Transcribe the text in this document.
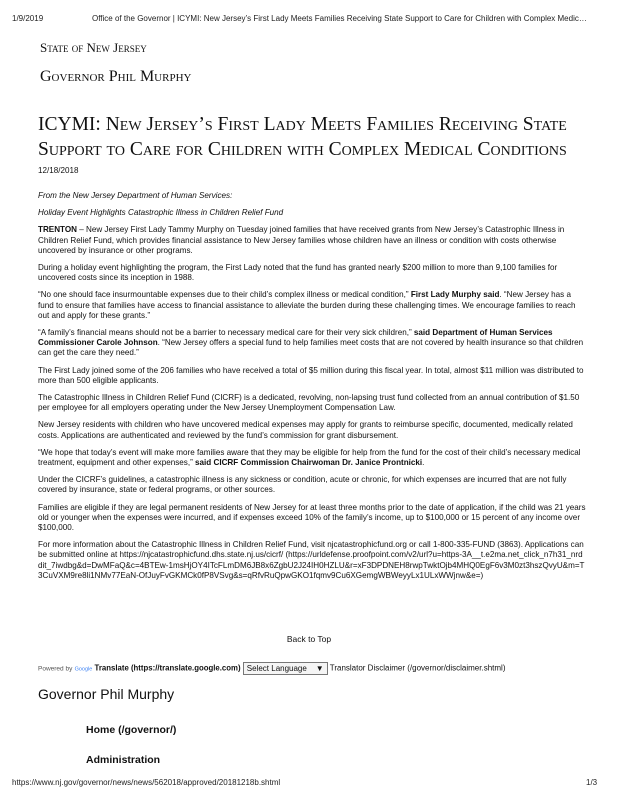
1/9/2019	Office of the Governor | ICYMI: New Jersey’s First Lady Meets Families Receiving State Support to Care for Children with Complex Medic…
State of New Jersey
Governor Phil Murphy
ICYMI: New Jersey’s First Lady Meets Families Receiving State
Support to Care for Children with Complex Medical Conditions
12/18/2018

From the New Jersey Department of Human Services:

Holiday Event Highlights Catastrophic Illness in Children Relief Fund

TRENTON – New Jersey First Lady Tammy Murphy on Tuesday joined families that have received grants from New Jersey’s Catastrophic Illness in Children Relief Fund, which provides financial assistance to New Jersey families whose children have an illness or condition with costs otherwise uncovered by insurance or other programs.

During a holiday event highlighting the program, the First Lady noted that the fund has granted nearly $200 million to more than 9,100 families for uncovered costs since its inception in 1988.

“No one should face insurmountable expenses due to their child’s complex illness or medical condition,” First Lady Murphy said. “New Jersey has a fund to ensure that families have access to financial assistance to alleviate the burden during these challenging times. We encourage families to reach out and apply for these grants.”

“A family’s financial means should not be a barrier to necessary medical care for their very sick children,” said Department of Human Services Commissioner Carole Johnson. “New Jersey offers a special fund to help families meet costs that are not covered by health insurance so that children can get the care they need.”

The First Lady joined some of the 206 families who have received a total of $5 million during this fiscal year. In total, almost $11 million was distributed to more than 500 eligible applicants.

The Catastrophic Illness in Children Relief Fund (CICRF) is a dedicated, revolving, non-lapsing trust fund collected from an annual contribution of $1.50 per employee for all employers operating under the New Jersey Unemployment Compensation Law.

New Jersey residents with children who have uncovered medical expenses may apply for grants to reimburse specific, documented, medically related costs. Applications are authenticated and reviewed by the fund’s commission for grant disbursement.

“We hope that today’s event will make more families aware that they may be eligible for help from the fund for the cost of their child’s necessary medical treatment, equipment and other expenses,” said CICRF Commission Chairwoman Dr. Janice Prontnicki.

Under the CICRF’s guidelines, a catastrophic illness is any sickness or condition, acute or chronic, for which expenses are incurred that are not fully covered by insurance, state or federal programs, or other sources.

Families are eligible if they are legal permanent residents of New Jersey for at least three months prior to the date of application, if the child was 21 years old or younger when the expenses were incurred, and if expenses exceed 10% of the family’s income, up to $100,000 or 15 percent of any income over $100,000.

For more information about the Catastrophic Illness in Children Relief Fund, visit njcatastrophicfund.org or call 1-800-335-FUND (3863). Applications can be submitted online at https://njcatastrophicfund.dhs.state.nj.us/cicrf/ (https://urldefense.proofpoint.com/v2/url?u=https-3A__t.e2ma.net_click_n7h31_nrddit_7iwdbg&d=DwMFaQ&c=4BTEw-1msHjOY4ITcFLmDM6JB8x6ZgbU2J24IH0HZLU&r=xF3DPDNEH8rwpTwktOjb4MHQ0EgF6v3M0zt3hszQvyU&m=T3CuVXM9re8li1NMv77EaN-OfJuyFvGKMCk0fP8VSvg&s=qRfvRuQpwGKO1fqmv9Cu6XGemgWBWeyyLx1ULxWWjnw&e=)

Back to Top
Powered by Google Translate (https://translate.google.com) Select Language ▼ Translator Disclaimer (/governor/disclaimer.shtml)
Governor Phil Murphy
Home (/governor/)
Administration
https://www.nj.gov/governor/news/news/562018/approved/20181218b.shtml	1/3
